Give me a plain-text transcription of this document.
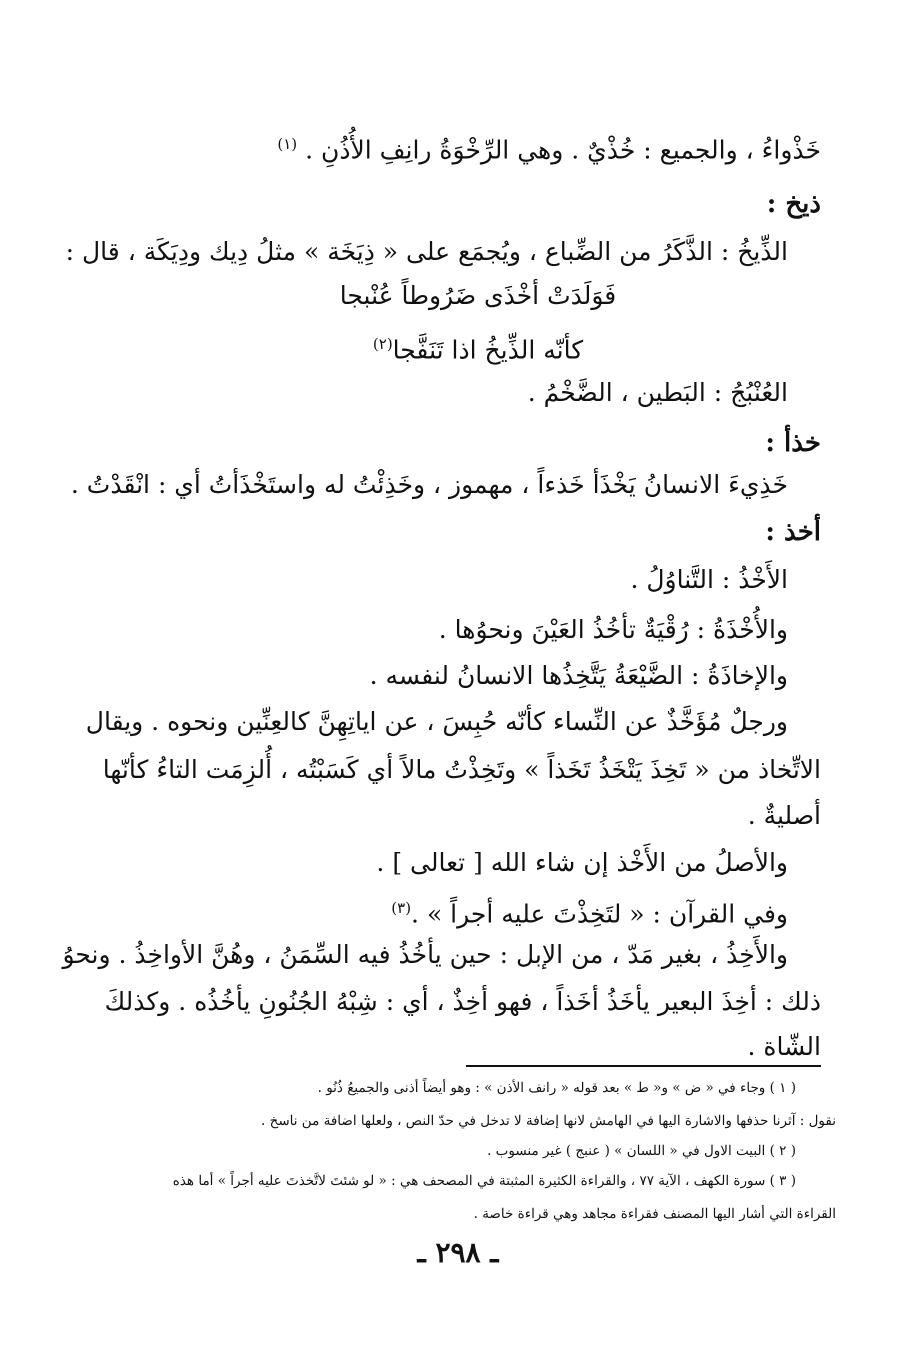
خَذْواءُ ، والجميع : خُذْيٌ . وهي الرِّخْوَةُ رانِفِ الأُذُنِ . $^{(١)}$
ذيخ :
الذِّيخُ : الذَّكَرُ من الضِّباع ، ويُجمَع على « ذِيَخَة » مثلُ دِيك ودِيَكَة ، قال :
فَوَلَدَتْ أخْذَى ضَرُوطاً عُنْبجا
كأنّه الذِّيخُ اذا تَنَفَّجا$^{(٢)}$
العُنْبُجُ : البَطين ، الضَّخْمُ .
خذأ :
خَذِيءَ الانسانُ يَخْذَأ خَذءاً ، مهموز ، وخَذِئْتُ له واستَخْذَأتُ أي : انْقَدْتُ .
أخذ :
الأَخْذُ : التَّناوُلُ .
والأُخْذَةُ : رُقْيَةٌ تأخُذُ العَيْنَ ونحوُها .
والإخاذَةُ : الضَّيْعَةُ يَتَّخِذُها الانسانُ لنفسه .
ورجلٌ مُؤَخَّذٌ عن النِّساء كأنّه حُبِسَ ، عن اياتِهِنَّ كالعِنِّين ونحوه . ويقال
الاتِّخاذ من « تَخِذَ يَتْخَذُ تَخَذاً » وتَخِذْتُ مالاً أي كَسَبْتُه ، أُلزِمَت التاءُ كأنّها
أصليةٌ .
والأصلُ من الأَخْذ إن شاء الله [ تعالى ] .
وفي القرآن : « لتَخِذْتَ عليه أجراً » .$^{(٣)}$
والأَخِذُ ، بغير مَدّ ، من الإبل : حين يأخُذُ فيه السِّمَنُ ، وهُنَّ الأواخِذُ . ونحوُ
ذلك : أخِذَ البعير يأخَذُ أخَذاً ، فهو أخِذٌ ، أي : شِبْهُ الجُنُونِ يأخُذُه . وكذلكَ
الشّاة .
( ١ ) وجاء في « ض » و« ط » بعد قوله « رانف الأذن » : وهو أيضاً أذنى والجميعُ ذُنُو .
نقول : آثرنا حذفها والاشارة اليها في الهامش لانها إضافة لا تدخل في حدّ النص ، ولعلها اضافة من ناسخ .
( ٢ ) البيت الاول في « اللسان » ( عنبج ) غير منسوب .
( ٣ ) سورة الكهف ، الآية ٧٧ ، والقراءة الكثيرة المثبتة في المصحف هي : « لو شئتَ لاتَّخذتَ عليه أجراً » أما هذه
القراءة التي أشار اليها المصنف فقراءة مجاهد وهي قراءة خاصة .
ـ ٢٩٨ ـ
